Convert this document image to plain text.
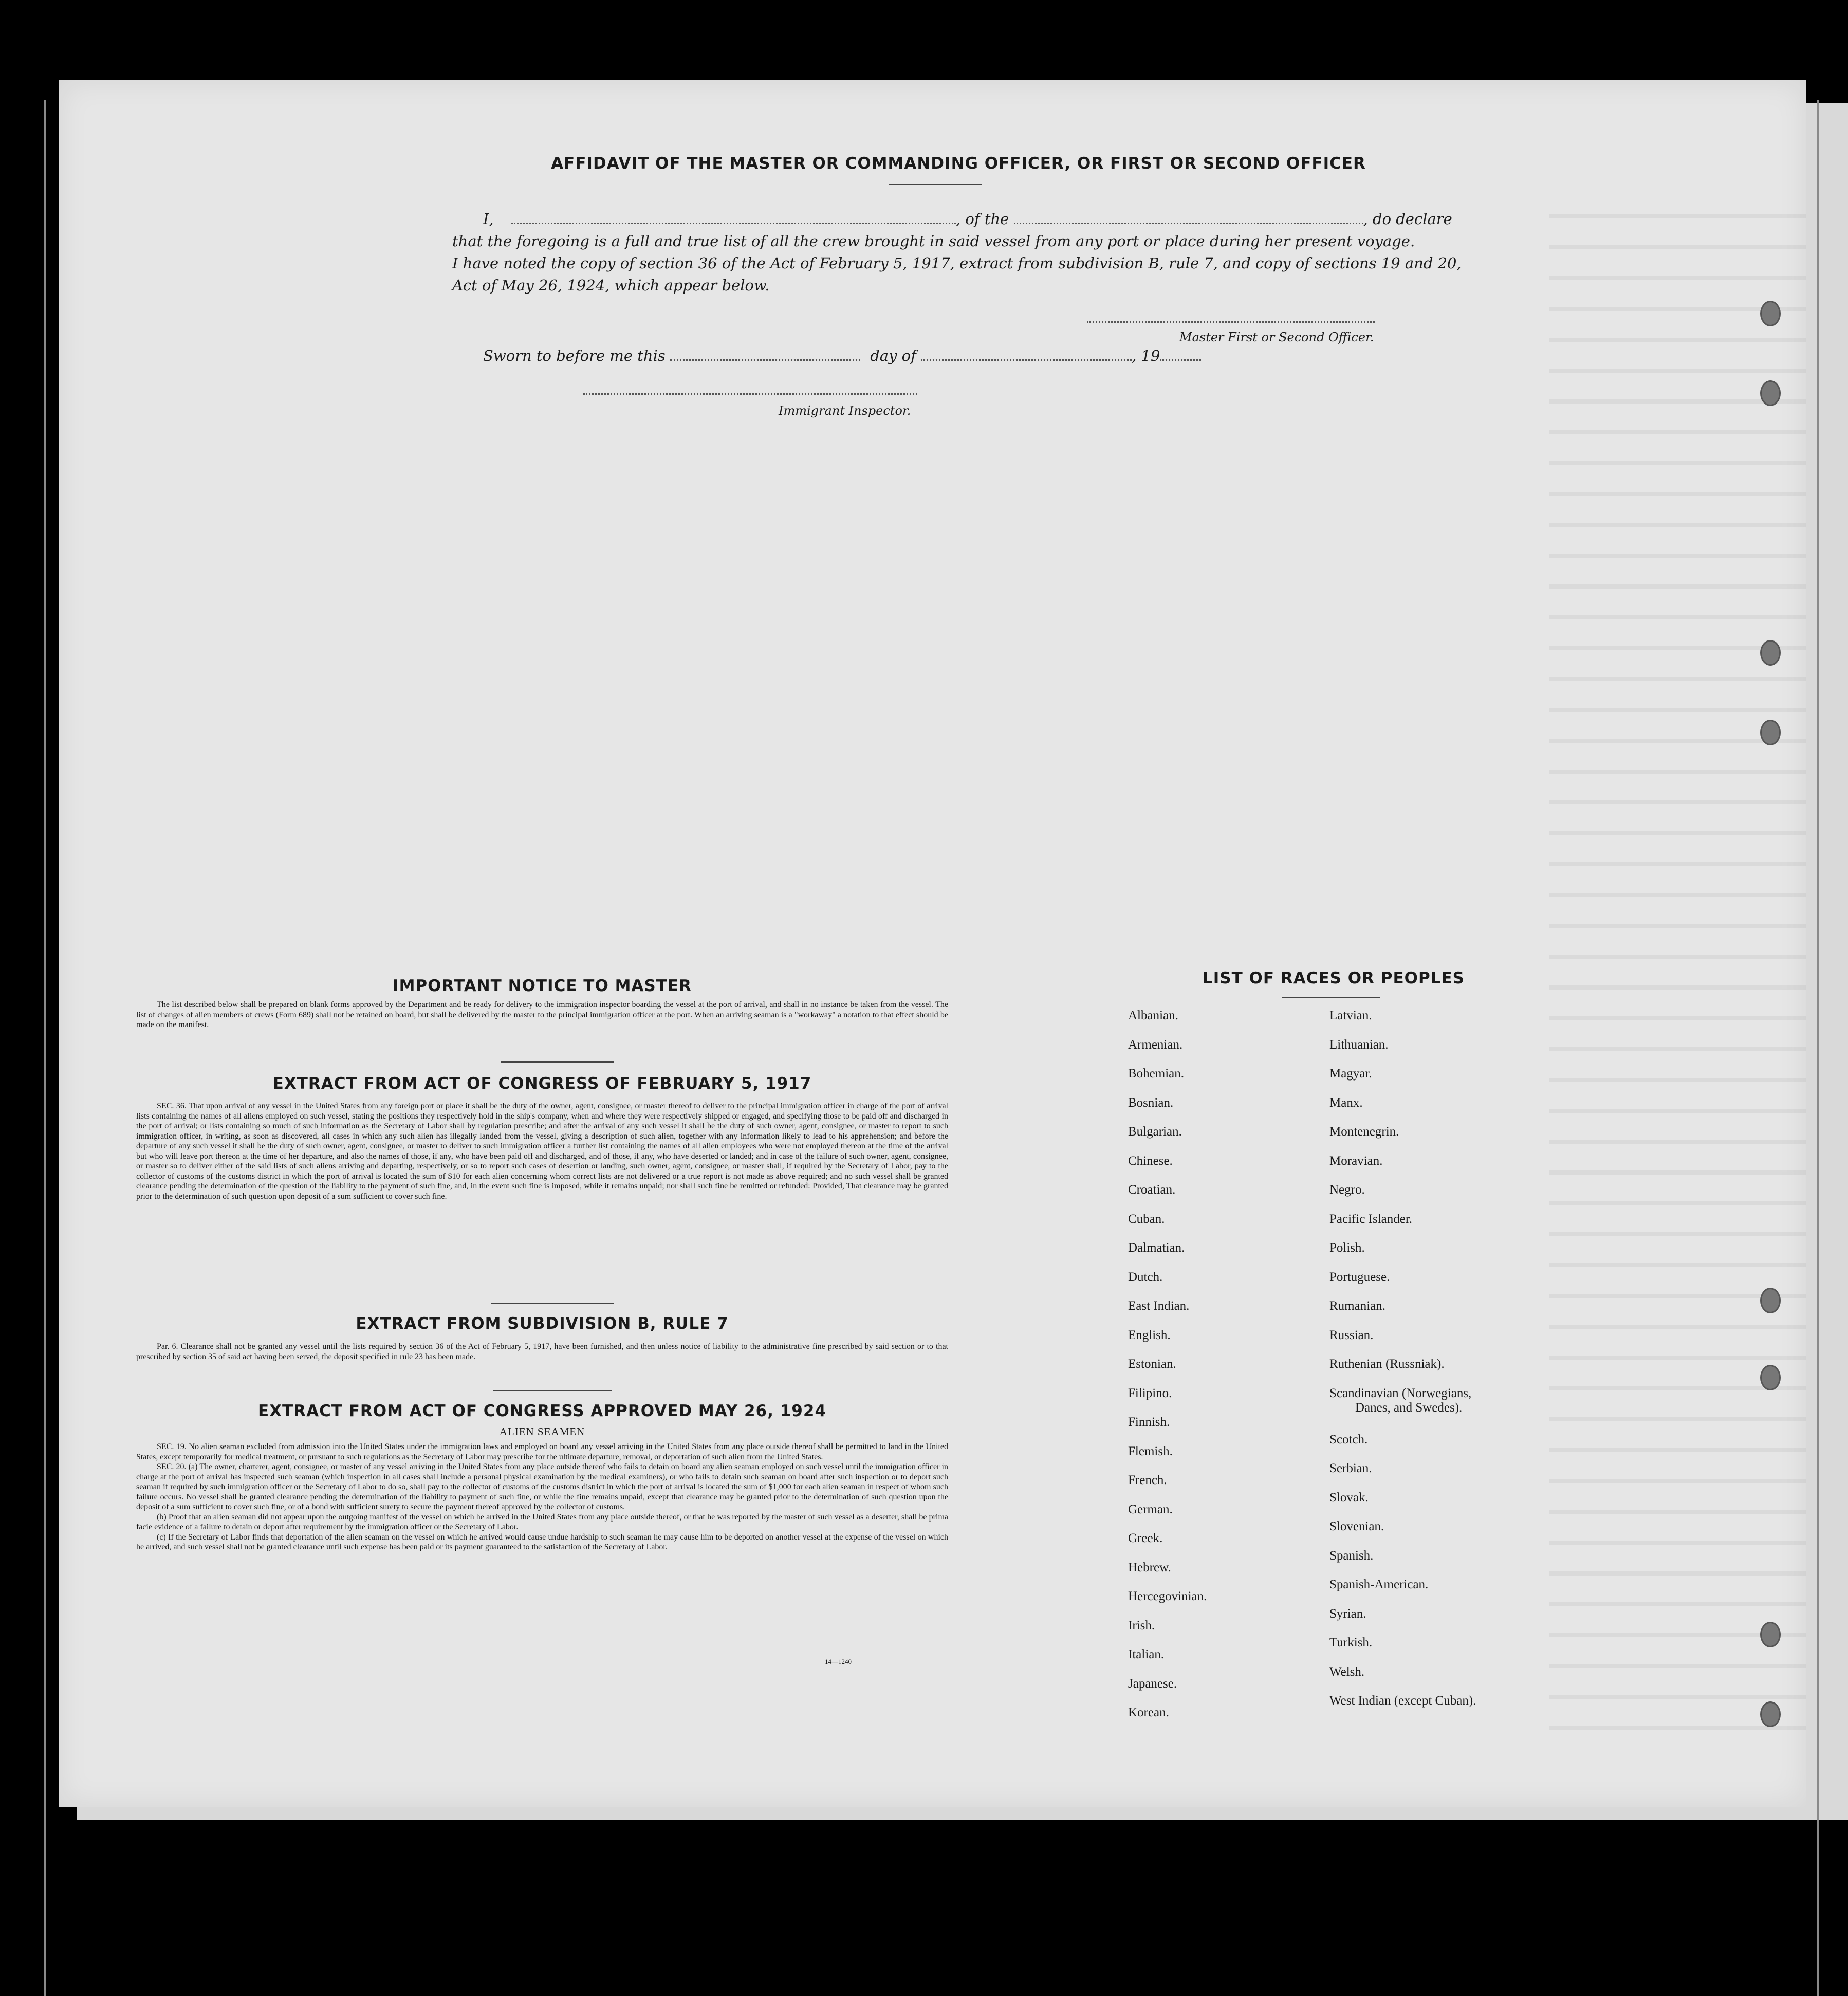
AFFIDAVIT OF THE MASTER OR COMMANDING OFFICER, OR FIRST OR SECOND OFFICER
I,	, of the	, do declare
that the foregoing is a full and true list of all the crew brought in said vessel from any port or place during her present voyage.
I have noted the copy of section 36 of the Act of February 5, 1917, extract from subdivision B, rule 7, and copy of sections 19 and 20,
Act of May 26, 1924, which appear below.
Master First or Second Officer.
Sworn to before me this	day of	, 19
Immigrant Inspector.
IMPORTANT NOTICE TO MASTER
The list described below shall be prepared on blank forms approved by the Department and be ready for delivery to the immigration inspector boarding the vessel at the port of arrival, and shall in no instance be taken from the vessel. The list of changes of alien members of crews (Form 689) shall not be retained on board, but shall be delivered by the master to the principal immigration officer at the port. When an arriving seaman is a "workaway" a notation to that effect should be made on the manifest.
EXTRACT FROM ACT OF CONGRESS OF FEBRUARY 5, 1917
SEC. 36. That upon arrival of any vessel in the United States from any foreign port or place it shall be the duty of the owner, agent, consignee, or master thereof to deliver to the principal immigration officer in charge of the port of arrival lists containing the names of all aliens employed on such vessel, stating the positions they respectively hold in the ship's company, when and where they were respectively shipped or engaged, and specifying those to be paid off and discharged in the port of arrival; or lists containing so much of such information as the Secretary of Labor shall by regulation prescribe; and after the arrival of any such vessel it shall be the duty of such owner, agent, consignee, or master to report to such immigration officer, in writing, as soon as discovered, all cases in which any such alien has illegally landed from the vessel, giving a description of such alien, together with any information likely to lead to his apprehension; and before the departure of any such vessel it shall be the duty of such owner, agent, consignee, or master to deliver to such immigration officer a further list containing the names of all alien employees who were not employed thereon at the time of the arrival but who will leave port thereon at the time of her departure, and also the names of those, if any, who have been paid off and discharged, and of those, if any, who have deserted or landed; and in case of the failure of such owner, agent, consignee, or master so to deliver either of the said lists of such aliens arriving and departing, respectively, or so to report such cases of desertion or landing, such owner, agent, consignee, or master shall, if required by the Secretary of Labor, pay to the collector of customs of the customs district in which the port of arrival is located the sum of $10 for each alien concerning whom correct lists are not delivered or a true report is not made as above required; and no such vessel shall be granted clearance pending the determination of the question of the liability to the payment of such fine, and, in the event such fine is imposed, while it remains unpaid; nor shall such fine be remitted or refunded: Provided, That clearance may be granted prior to the determination of such question upon deposit of a sum sufficient to cover such fine.
EXTRACT FROM SUBDIVISION B, RULE 7
Par. 6. Clearance shall not be granted any vessel until the lists required by section 36 of the Act of February 5, 1917, have been furnished, and then unless notice of liability to the administrative fine prescribed by said section or to that prescribed by section 35 of said act having been served, the deposit specified in rule 23 has been made.
EXTRACT FROM ACT OF CONGRESS APPROVED MAY 26, 1924
ALIEN SEAMEN
SEC. 19. No alien seaman excluded from admission into the United States under the immigration laws and employed on board any vessel arriving in the United States from any place outside thereof shall be permitted to land in the United States, except temporarily for medical treatment, or pursuant to such regulations as the Secretary of Labor may prescribe for the ultimate departure, removal, or deportation of such alien from the United States.
SEC. 20. (a) The owner, charterer, agent, consignee, or master of any vessel arriving in the United States from any place outside thereof who fails to detain on board any alien seaman employed on such vessel until the immigration officer in charge at the port of arrival has inspected such seaman (which inspection in all cases shall include a personal physical examination by the medical examiners), or who fails to detain such seaman on board after such inspection or to deport such seaman if required by such immigration officer or the Secretary of Labor to do so, shall pay to the collector of customs of the customs district in which the port of arrival is located the sum of $1,000 for each alien seaman in respect of whom such failure occurs. No vessel shall be granted clearance pending the determination of the liability to payment of such fine, or while the fine remains unpaid, except that clearance may be granted prior to the determination of such question upon the deposit of a sum sufficient to cover such fine, or of a bond with sufficient surety to secure the payment thereof approved by the collector of customs.
(b) Proof that an alien seaman did not appear upon the outgoing manifest of the vessel on which he arrived in the United States from any place outside thereof, or that he was reported by the master of such vessel as a deserter, shall be prima facie evidence of a failure to detain or deport after requirement by the immigration officer or the Secretary of Labor.
(c) If the Secretary of Labor finds that deportation of the alien seaman on the vessel on which he arrived would cause undue hardship to such seaman he may cause him to be deported on another vessel at the expense of the vessel on which he arrived, and such vessel shall not be granted clearance until such expense has been paid or its payment guaranteed to the satisfaction of the Secretary of Labor.
14—1240
LIST OF RACES OR PEOPLES
Albanian.
Armenian.
Bohemian.
Bosnian.
Bulgarian.
Chinese.
Croatian.
Cuban.
Dalmatian.
Dutch.
East Indian.
English.
Estonian.
Filipino.
Finnish.
Flemish.
French.
German.
Greek.
Hebrew.
Hercegovinian.
Irish.
Italian.
Japanese.
Korean.
Latvian.
Lithuanian.
Magyar.
Manx.
Montenegrin.
Moravian.
Negro.
Pacific Islander.
Polish.
Portuguese.
Rumanian.
Russian.
Ruthenian (Russniak).
Scandinavian (Norwegians,
Danes, and Swedes).
Scotch.
Serbian.
Slovak.
Slovenian.
Spanish.
Spanish-American.
Syrian.
Turkish.
Welsh.
West Indian (except Cuban).
